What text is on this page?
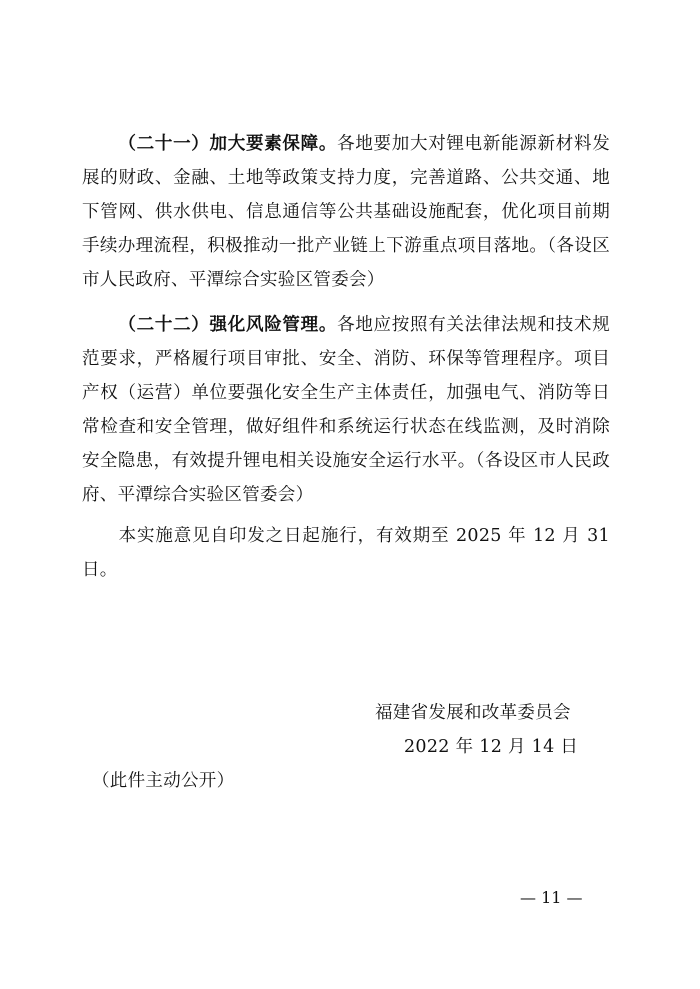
（二十一）加大要素保障。各地要加大对锂电新能源新材料发展的财政、金融、土地等政策支持力度，完善道路、公共交通、地下管网、供水供电、信息通信等公共基础设施配套，优化项目前期手续办理流程，积极推动一批产业链上下游重点项目落地。（各设区市人民政府、平潭综合实验区管委会）
（二十二）强化风险管理。各地应按照有关法律法规和技术规范要求，严格履行项目审批、安全、消防、环保等管理程序。项目产权（运营）单位要强化安全生产主体责任，加强电气、消防等日常检查和安全管理，做好组件和系统运行状态在线监测，及时消除安全隐患，有效提升锂电相关设施安全运行水平。（各设区市人民政府、平潭综合实验区管委会）
本实施意见自印发之日起施行，有效期至 2025 年 12 月 31 日。
福建省发展和改革委员会
2022 年 12 月 14 日
（此件主动公开）
— 11 —
